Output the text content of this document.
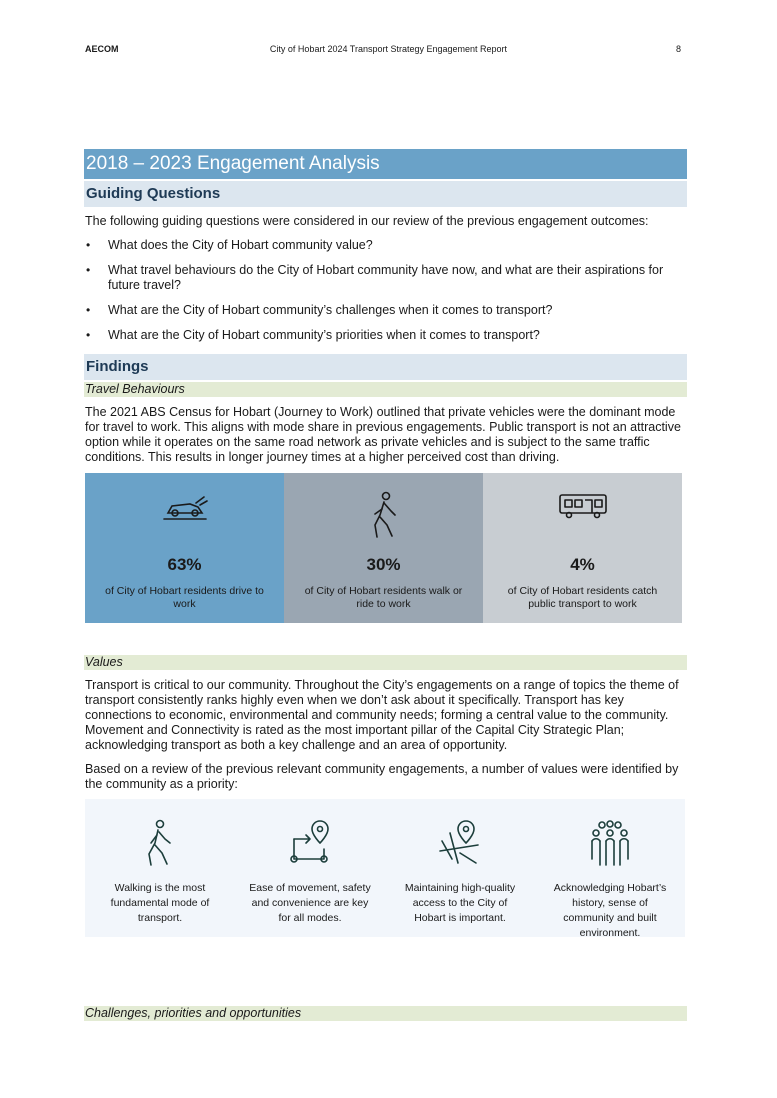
AECOM	City of Hobart 2024 Transport Strategy Engagement Report	8
2018 – 2023 Engagement Analysis
Guiding Questions

The following guiding questions were considered in our review of the previous engagement outcomes:

• What does the City of Hobart community value?
• What travel behaviours do the City of Hobart community have now, and what are their aspirations for future travel?
• What are the City of Hobart community’s challenges when it comes to transport?
• What are the City of Hobart community’s priorities when it comes to transport?
Findings
Travel Behaviours

The 2021 ABS Census for Hobart (Journey to Work) outlined that private vehicles were the dominant mode for travel to work. This aligns with mode share in previous engagements. Public transport is not an attractive option while it operates on the same road network as private vehicles and is subject to the same traffic conditions. This results in longer journey times at a higher perceived cost than driving.

63%
of City of Hobart residents drive to work
30%
of City of Hobart residents walk or ride to work
4%
of City of Hobart residents catch public transport to work
Values

Transport is critical to our community. Throughout the City’s engagements on a range of topics the theme of transport consistently ranks highly even when we don’t ask about it specifically. Transport has key connections to economic, environmental and community needs; forming a central value to the community. Movement and Connectivity is rated as the most important pillar of the Capital City Strategic Plan; acknowledging transport as both a key challenge and an area of opportunity.

Based on a review of the previous relevant community engagements, a number of values were identified by the community as a priority:

Walking is the most fundamental mode of transport.
Ease of movement, safety and convenience are key for all modes.
Maintaining high-quality access to the City of Hobart is important.
Acknowledging Hobart’s history, sense of community and built environment.
Challenges, priorities and opportunities
